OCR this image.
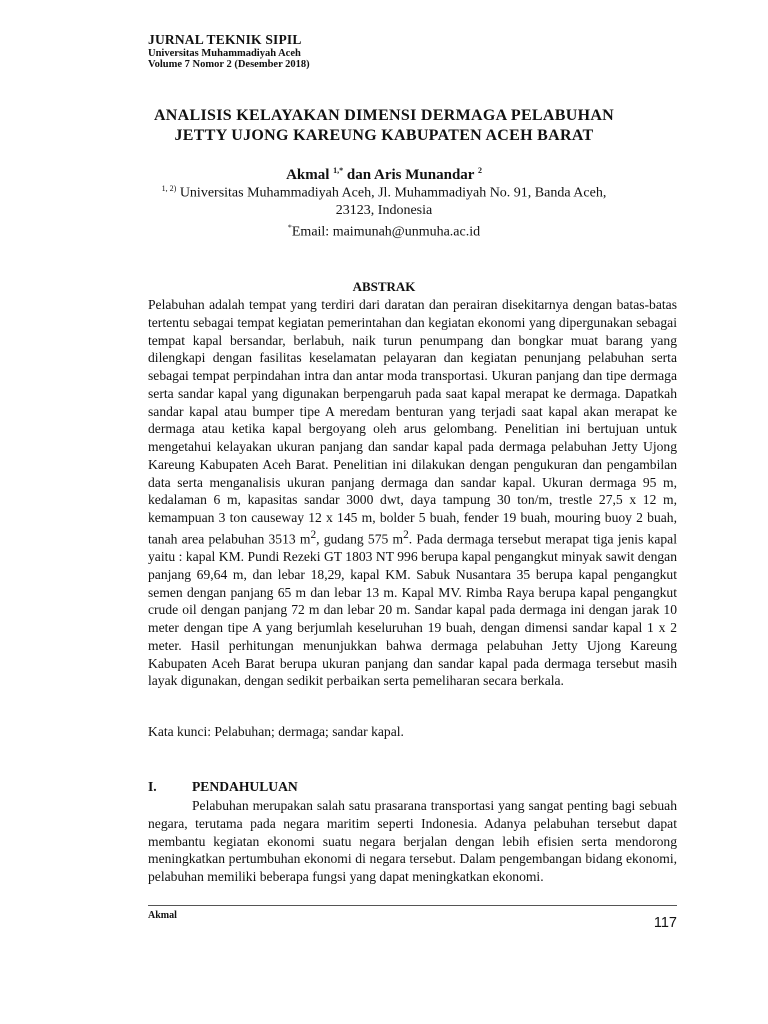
JURNAL TEKNIK SIPIL
Universitas Muhammadiyah Aceh
Volume 7 Nomor 2 (Desember 2018)
ANALISIS KELAYAKAN DIMENSI DERMAGA PELABUHAN
JETTY UJONG KAREUNG KABUPATEN ACEH BARAT
Akmal $^{1,*}$ dan Aris Munandar $^2$
$^{1, 2)}$ Universitas Muhammadiyah Aceh, Jl. Muhammadiyah No. 91, Banda Aceh,
23123, Indonesia
*Email: maimunah@unmuha.ac.id
ABSTRAK
Pelabuhan adalah tempat yang terdiri dari daratan dan perairan disekitarnya dengan batas-batas tertentu sebagai tempat kegiatan pemerintahan dan kegiatan ekonomi yang dipergunakan sebagai tempat kapal bersandar, berlabuh, naik turun penumpang dan bongkar muat barang yang dilengkapi dengan fasilitas keselamatan pelayaran dan kegiatan penunjang pelabuhan serta sebagai tempat perpindahan intra dan antar moda transportasi. Ukuran panjang dan tipe dermaga serta sandar kapal yang digunakan berpengaruh pada saat kapal merapat ke dermaga. Dapatkah sandar kapal atau bumper tipe A meredam benturan yang terjadi saat kapal akan merapat ke dermaga atau ketika kapal bergoyang oleh arus gelombang. Penelitian ini bertujuan untuk mengetahui kelayakan ukuran panjang dan sandar kapal pada dermaga pelabuhan Jetty Ujong Kareung Kabupaten Aceh Barat. Penelitian ini dilakukan dengan pengukuran dan pengambilan data serta menganalisis ukuran panjang dermaga dan sandar kapal. Ukuran dermaga 95 m, kedalaman 6 m, kapasitas sandar 3000 dwt, daya tampung 30 ton/m, trestle 27,5 x 12 m, kemampuan 3 ton causeway 12 x 145 m, bolder 5 buah, fender 19 buah, mouring buoy 2 buah, tanah area pelabuhan 3513 $m^2$, gudang 575 $m^2$. Pada dermaga tersebut merapat tiga jenis kapal yaitu : kapal KM. Pundi Rezeki GT 1803 NT 996 berupa kapal pengangkut minyak sawit dengan panjang 69,64 m, dan lebar 18,29, kapal KM. Sabuk Nusantara 35 berupa kapal pengangkut semen dengan panjang 65 m dan lebar 13 m. Kapal MV. Rimba Raya berupa kapal pengangkut crude oil dengan panjang 72 m dan lebar 20 m. Sandar kapal pada dermaga ini dengan jarak 10 meter dengan tipe A yang berjumlah keseluruhan 19 buah, dengan dimensi sandar kapal 1 x 2 meter. Hasil perhitungan menunjukkan bahwa dermaga pelabuhan Jetty Ujong Kareung Kabupaten Aceh Barat berupa ukuran panjang dan sandar kapal pada dermaga tersebut masih layak digunakan, dengan sedikit perbaikan serta pemeliharan secara berkala.
Kata kunci: Pelabuhan; dermaga; sandar kapal.
I.	PENDAHULUAN
Pelabuhan merupakan salah satu prasarana transportasi yang sangat penting bagi sebuah negara, terutama pada negara maritim seperti Indonesia. Adanya pelabuhan tersebut dapat membantu kegiatan ekonomi suatu negara berjalan dengan lebih efisien serta mendorong meningkatkan pertumbuhan ekonomi di negara tersebut. Dalam pengembangan bidang ekonomi, pelabuhan memiliki beberapa fungsi yang dapat meningkatkan ekonomi.
Akmal	117
